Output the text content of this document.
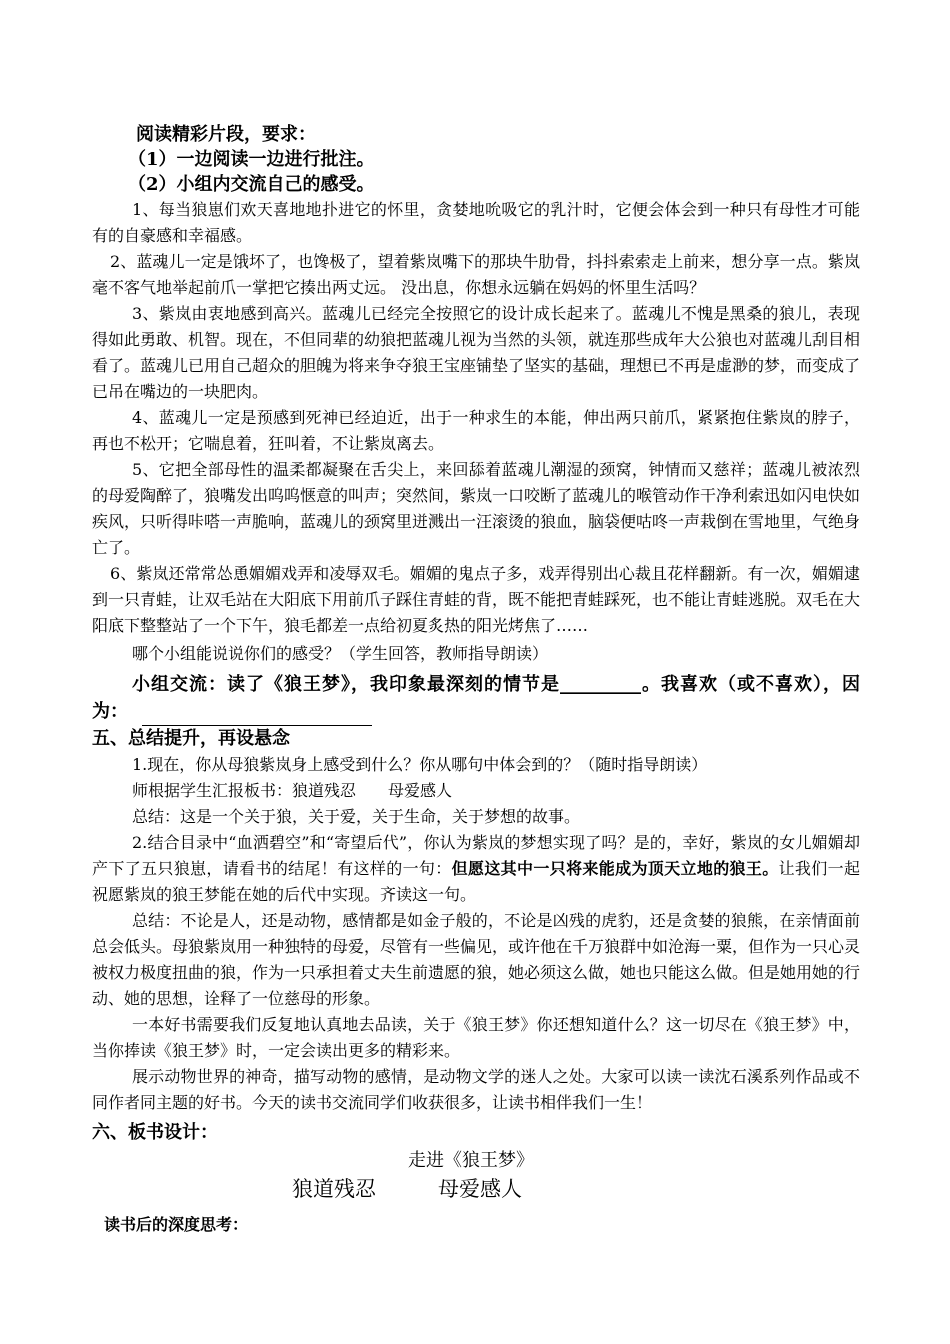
阅读精彩片段，要求：

（1）一边阅读一边进行批注。

（2）小组内交流自己的感受。

1、每当狼崽们欢天喜地地扑进它的怀里，贪婪地吮吸它的乳汁时，它便会体会到一种只有母性才可能有的自豪感和幸福感。

2、蓝魂儿一定是饿坏了，也馋极了，望着紫岚嘴下的那块牛肋骨，抖抖索索走上前来，想分享一点。紫岚毫不客气地举起前爪一掌把它揍出两丈远。 没出息，你想永远躺在妈妈的怀里生活吗？

3、紫岚由衷地感到高兴。蓝魂儿已经完全按照它的设计成长起来了。蓝魂儿不愧是黑桑的狼儿，表现得如此勇敢、机智。现在，不但同辈的幼狼把蓝魂儿视为当然的头领，就连那些成年大公狼也对蓝魂儿刮目相看了。蓝魂儿已用自己超众的胆魄为将来争夺狼王宝座铺垫了坚实的基础，理想已不再是虚渺的梦，而变成了已吊在嘴边的一块肥肉。

4、蓝魂儿一定是预感到死神已经迫近，出于一种求生的本能，伸出两只前爪，紧紧抱住紫岚的脖子，再也不松开；它喘息着，狂叫着，不让紫岚离去。

5、它把全部母性的温柔都凝聚在舌尖上，来回舔着蓝魂儿潮湿的颈窝，钟情而又慈祥；蓝魂儿被浓烈的母爱陶醉了，狼嘴发出呜呜惬意的叫声；突然间，紫岚一口咬断了蓝魂儿的喉管动作干净利索迅如闪电快如疾风，只听得咔嗒一声脆响，蓝魂儿的颈窝里迸溅出一汪滚烫的狼血，脑袋便咕咚一声栽倒在雪地里，气绝身亡了。

6、紫岚还常常怂恿媚媚戏弄和凌辱双毛。媚媚的鬼点子多，戏弄得别出心裁且花样翻新。有一次，媚媚逮到一只青蛙，让双毛站在大阳底下用前爪子踩住青蛙的背，既不能把青蛙踩死，也不能让青蛙逃脱。双毛在大阳底下整整站了一个下午，狼毛都差一点给初夏炙热的阳光烤焦了……

哪个小组能说说你们的感受？（学生回答，教师指导朗读）

小组交流：读了《狼王梦》，我印象最深刻的情节是_________。我喜欢（或不喜欢），因为：

五、总结提升，再设悬念

1.现在，你从母狼紫岚身上感受到什么？你从哪句中体会到的？（随时指导朗读）

师根据学生汇报板书：狼道残忍　　母爱感人

总结：这是一个关于狼，关于爱，关于生命，关于梦想的故事。

2.结合目录中“血洒碧空”和“寄望后代”，你认为紫岚的梦想实现了吗？是的，幸好，紫岚的女儿媚媚却产下了五只狼崽，请看书的结尾！有这样的一句：但愿这其中一只将来能成为顶天立地的狼王。让我们一起祝愿紫岚的狼王梦能在她的后代中实现。齐读这一句。

总结：不论是人，还是动物，感情都是如金子般的，不论是凶残的虎豹，还是贪婪的狼熊，在亲情面前总会低头。母狼紫岚用一种独特的母爱，尽管有一些偏见，或许他在千万狼群中如沧海一粟，但作为一只心灵被权力极度扭曲的狼，作为一只承担着丈夫生前遗愿的狼，她必须这么做，她也只能这么做。但是她用她的行动、她的思想，诠释了一位慈母的形象。

一本好书需要我们反复地认真地去品读，关于《狼王梦》你还想知道什么？这一切尽在《狼王梦》中，当你捧读《狼王梦》时，一定会读出更多的精彩来。

展示动物世界的神奇，描写动物的感情，是动物文学的迷人之处。大家可以读一读沈石溪系列作品或不同作者同主题的好书。今天的读书交流同学们收获很多，让读书相伴我们一生！

六、板书设计：

走进《狼王梦》
狼道残忍	母爱感人
读书后的深度思考：
